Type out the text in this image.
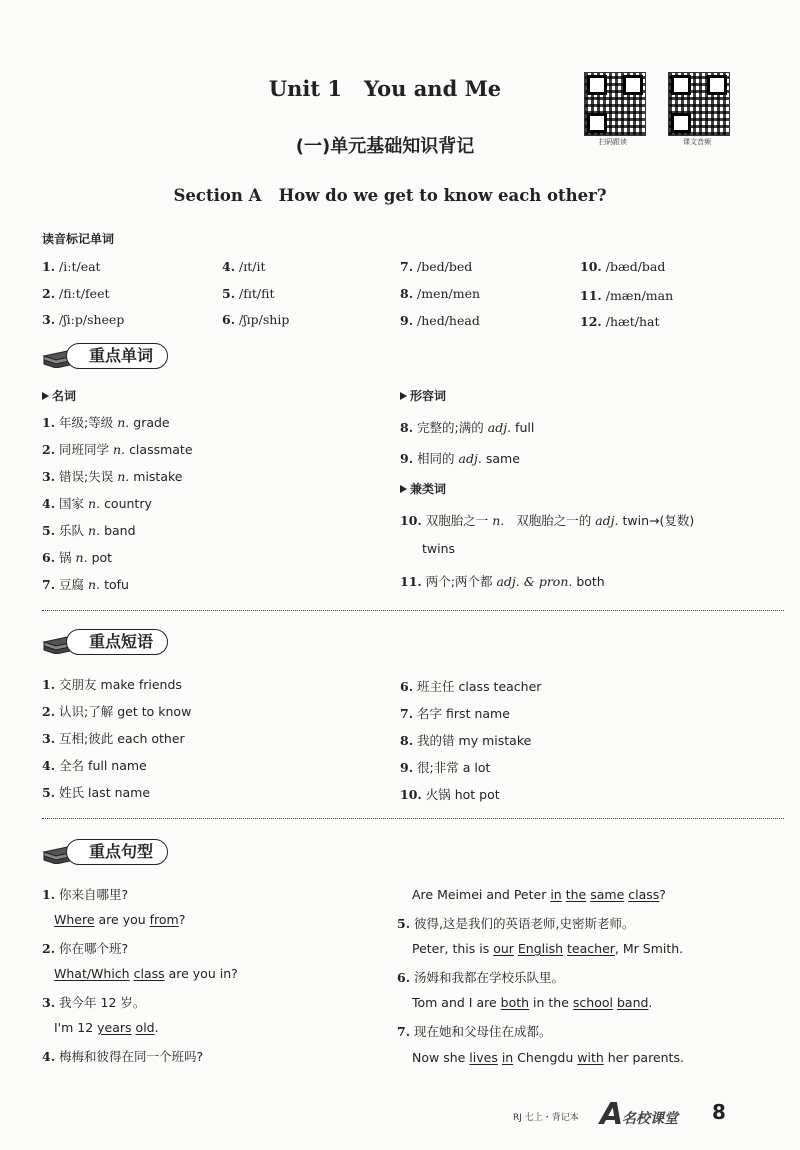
Unit 1   You and Me
(一)单元基础知识背记
Section A   How do we get to know each other?
扫码跟读	课文音频
读音标记单词
1. /iːt/eat	4. /ɪt/it	7. /bed/bed	10. /bæd/bad
2. /fiːt/feet	5. /fɪt/fit	8. /men/men	11. /mæn/man
3. /ʃiːp/sheep	6. /ʃɪp/ship	9. /hed/head	12. /hæt/hat
重点单词
名词
1. 年级;等级 n. grade
2. 同班同学 n. classmate
3. 错误;失误 n. mistake
4. 国家 n. country
5. 乐队 n. band
6. 锅 n. pot
7. 豆腐 n. tofu
形容词
8. 完整的;满的 adj. full
9. 相同的 adj. same
兼类词
10. 双胞胎之一 n. 双胞胎之一的 adj. twin→(复数)
twins
11. 两个;两个都 adj. & pron. both
重点短语
1. 交朋友 make friends
2. 认识;了解 get to know
3. 互相;彼此 each other
4. 全名 full name
5. 姓氏 last name
6. 班主任 class teacher
7. 名字 first name
8. 我的错 my mistake
9. 很;非常 a lot
10. 火锅 hot pot
重点句型
1. 你来自哪里?
Where are you from?
2. 你在哪个班?
What/Which class are you in?
3. 我今年 12 岁。
I'm 12 years old.
4. 梅梅和彼得在同一个班吗?
Are Meimei and Peter in the same class?
5. 彼得,这是我们的英语老师,史密斯老师。
Peter, this is our English teacher, Mr Smith.
6. 汤姆和我都在学校乐队里。
Tom and I are both in the school band.
7. 现在她和父母住在成都。
Now she lives in Chengdu with her parents.
RJ 七上・背记本 A
名校课堂 8
